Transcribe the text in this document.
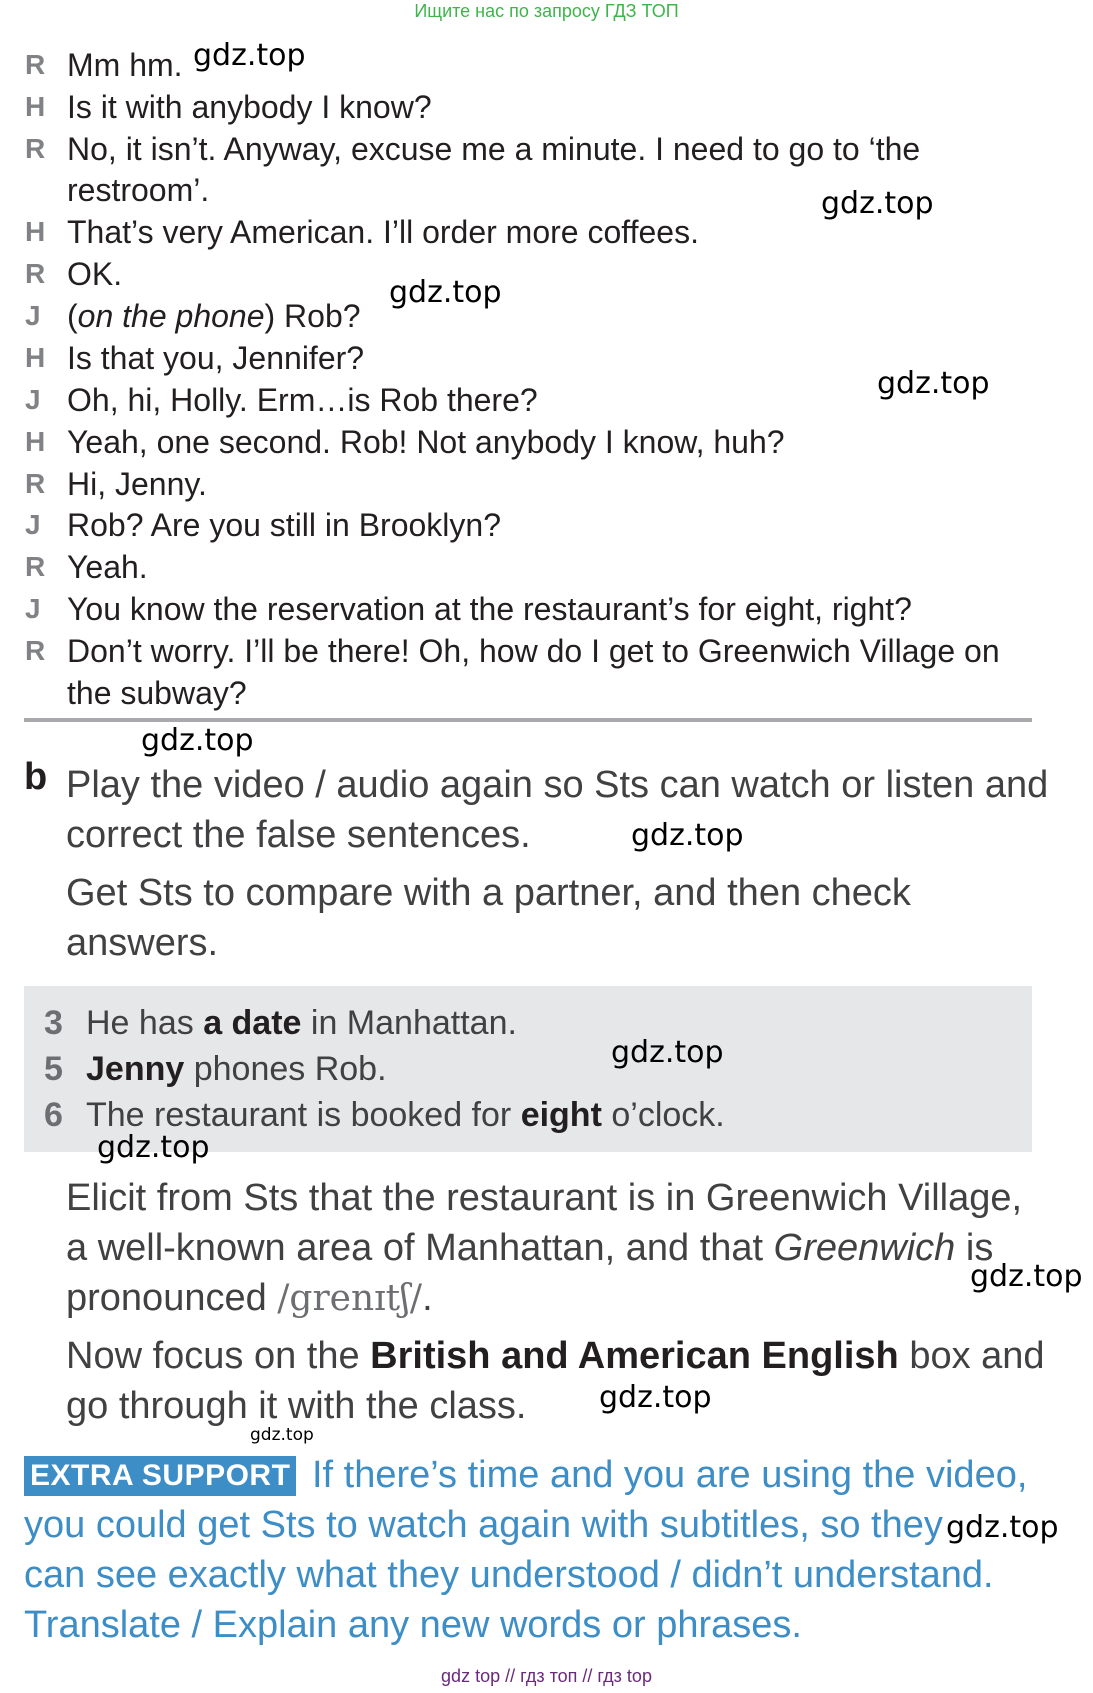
Ищите нас по запросу ГДЗ ТОП
R Mm hm.
H Is it with anybody I know?
R No, it isn’t. Anyway, excuse me a minute. I need to go to ‘the
restroom’.
H That’s very American. I’ll order more coffees.
R OK.
J (on the phone) Rob?
H Is that you, Jennifer?
J Oh, hi, Holly. Erm…is Rob there?
H Yeah, one second. Rob! Not anybody I know, huh?
R Hi, Jenny.
J Rob? Are you still in Brooklyn?
R Yeah.
J You know the reservation at the restaurant’s for eight, right?
R Don’t worry. I’ll be there! Oh, how do I get to Greenwich Village on
the subway?
b Play the video / audio again so Sts can watch or listen and
correct the false sentences.
Get Sts to compare with a partner, and then check
answers.
3 He has a date in Manhattan.
5 Jenny phones Rob.
6 The restaurant is booked for eight o’clock.
Elicit from Sts that the restaurant is in Greenwich Village,
a well-known area of Manhattan, and that Greenwich is
pronounced /grenɪtʃ/.
Now focus on the British and American English box and
go through it with the class.
EXTRA SUPPORT If there’s time and you are using the video,
you could get Sts to watch again with subtitles, so they
can see exactly what they understood / didn’t understand.
Translate / Explain any new words or phrases.
gdz.top
gdz.top
gdz.top
gdz.top
gdz.top
gdz.top
gdz.top
gdz.top
gdz.top
gdz.top
gdz.top
gdz.top
gdz top // гдз топ // гдз top
